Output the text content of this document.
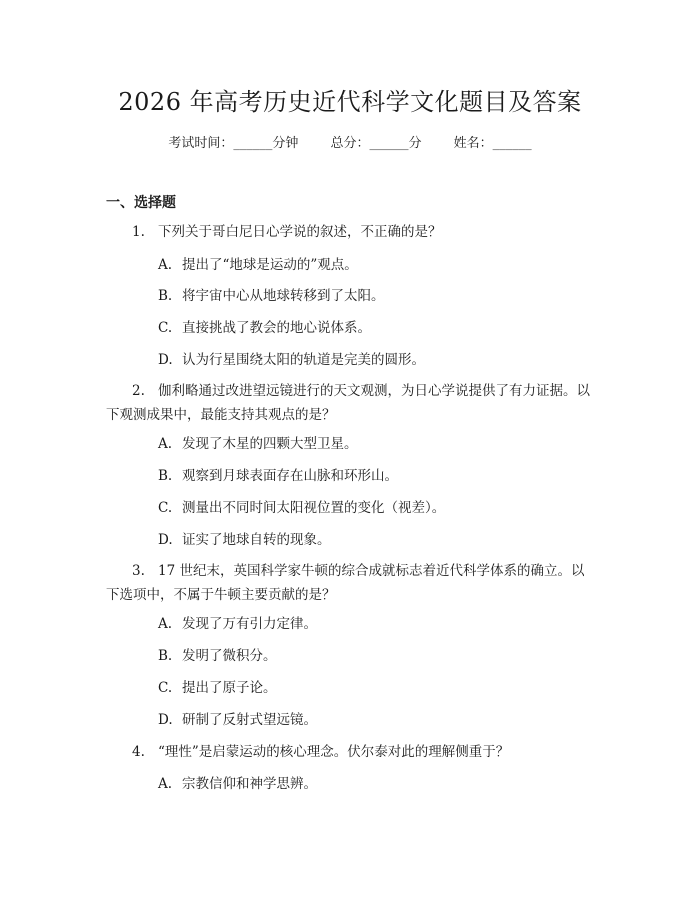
2026 年高考历史近代科学文化题目及答案
考试时间：______分钟 总分：______分 姓名：______
一、选择题
1. 下列关于哥白尼日心学说的叙述，不正确的是？
A. 提出了“地球是运动的”观点。
B. 将宇宙中心从地球转移到了太阳。
C. 直接挑战了教会的地心说体系。
D. 认为行星围绕太阳的轨道是完美的圆形。
2. 伽利略通过改进望远镜进行的天文观测，为日心学说提供了有力证据。以
下观测成果中，最能支持其观点的是？
A. 发现了木星的四颗大型卫星。
B. 观察到月球表面存在山脉和环形山。
C. 测量出不同时间太阳视位置的变化（视差）。
D. 证实了地球自转的现象。
3. 17 世纪末，英国科学家牛顿的综合成就标志着近代科学体系的确立。以
下选项中，不属于牛顿主要贡献的是？
A. 发现了万有引力定律。
B. 发明了微积分。
C. 提出了原子论。
D. 研制了反射式望远镜。
4. “理性”是启蒙运动的核心理念。伏尔泰对此的理解侧重于？
A. 宗教信仰和神学思辨。
